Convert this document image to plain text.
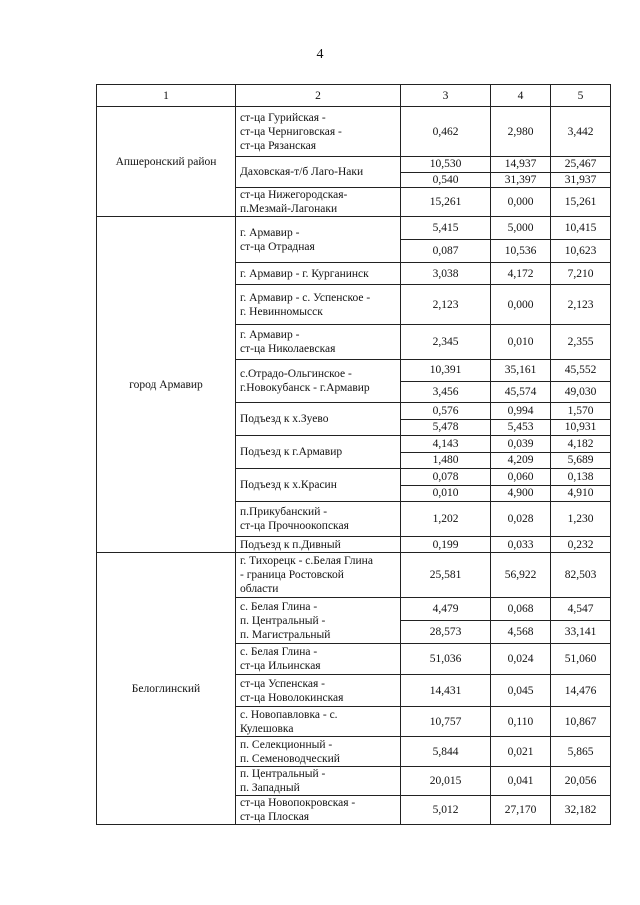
4
1	2	3	4	5
Апшеронский район	ст-ца Гурийская -
ст-ца Черниговская -
ст-ца Рязанская	0,462	2,980	3,442

	Даховская-т/б Лаго-Наки	10,530	14,937	25,467
		0,540	31,397	31,937

	ст-ца Нижегородская-
п.Мезмай-Лагонаки	15,261	0,000	15,261
город Армавир	г. Армавир -
ст-ца Отрадная	5,415	5,000	10,415
		0,087	10,536	10,623

	г. Армавир - г. Курганинск	3,038	4,172	7,210

	г. Армавир - с. Успенское -
г. Невинномысск	2,123	0,000	2,123

	г. Армавир -
ст-ца Николаевская	2,345	0,010	2,355

	с.Отрадо-Ольгинское -
г.Новокубанск - г.Армавир	10,391	35,161	45,552
		3,456	45,574	49,030

	Подъезд к х.Зуево	0,576	0,994	1,570
		5,478	5,453	10,931

	Подъезд к г.Армавир	4,143	0,039	4,182
		1,480	4,209	5,689

	Подъезд к х.Красин	0,078	0,060	0,138
		0,010	4,900	4,910

	п.Прикубанский -
ст-ца Прочноокопская	1,202	0,028	1,230

	Подъезд к п.Дивный	0,199	0,033	0,232
Белоглинский	г. Тихорецк - с.Белая Глина
- граница Ростовской
области	25,581	56,922	82,503

	с. Белая Глина -
п. Центральный -
п. Магистральный	4,479	0,068	4,547
		28,573	4,568	33,141

	с. Белая Глина -
ст-ца Ильинская	51,036	0,024	51,060

	ст-ца Успенская -
ст-ца Новолокинская	14,431	0,045	14,476

	с. Новопавловка - с.
Кулешовка	10,757	0,110	10,867

	п. Селекционный -
п. Семеноводческий	5,844	0,021	5,865

	п. Центральный -
п. Западный	20,015	0,041	20,056

	ст-ца Новопокровская -
ст-ца Плоская	5,012	27,170	32,182
